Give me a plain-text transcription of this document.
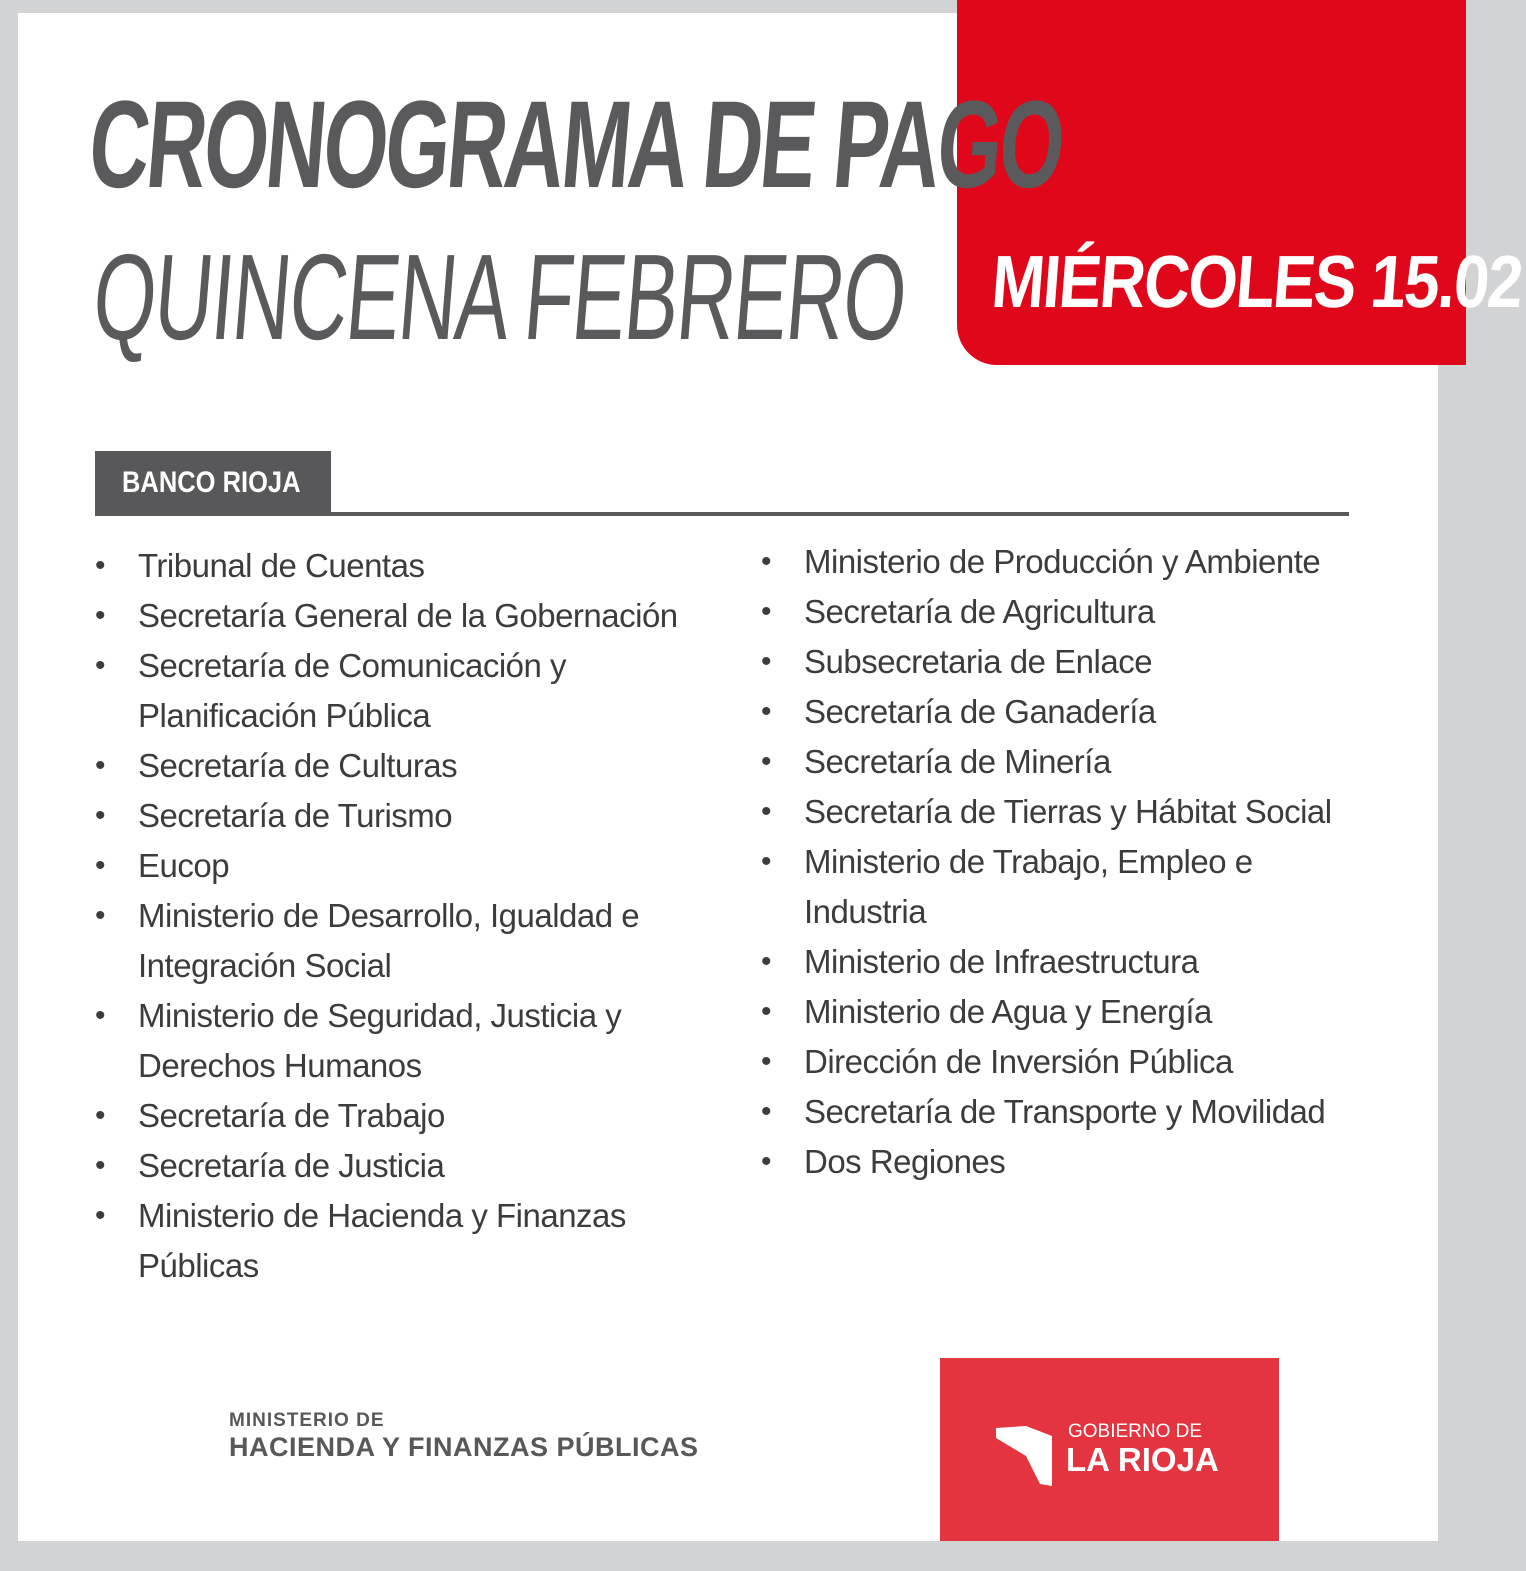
MIÉRCOLES 15.02
CRONOGRAMA DE PAGO
QUINCENA FEBRERO
BANCO RIOJA
• Tribunal de Cuentas
• Secretaría General de la Gobernación
• Secretaría de Comunicación y Planificación Pública
• Secretaría de Culturas
• Secretaría de Turismo
• Eucop
• Ministerio de Desarrollo, Igualdad e Integración Social
• Ministerio de Seguridad, Justicia y Derechos Humanos
• Secretaría de Trabajo
• Secretaría de Justicia
• Ministerio de Hacienda y Finanzas Públicas
• Ministerio de Producción y Ambiente
• Secretaría de Agricultura
• Subsecretaria de Enlace
• Secretaría de Ganadería
• Secretaría de Minería
• Secretaría de Tierras y Hábitat Social
• Ministerio de Trabajo, Empleo e Industria
• Ministerio de Infraestructura
• Ministerio de Agua y Energía
• Dirección de Inversión Pública
• Secretaría de Transporte y Movilidad
• Dos Regiones
MINISTERIO DE
HACIENDA Y FINANZAS PÚBLICAS
GOBIERNO DE
LA RIOJA
